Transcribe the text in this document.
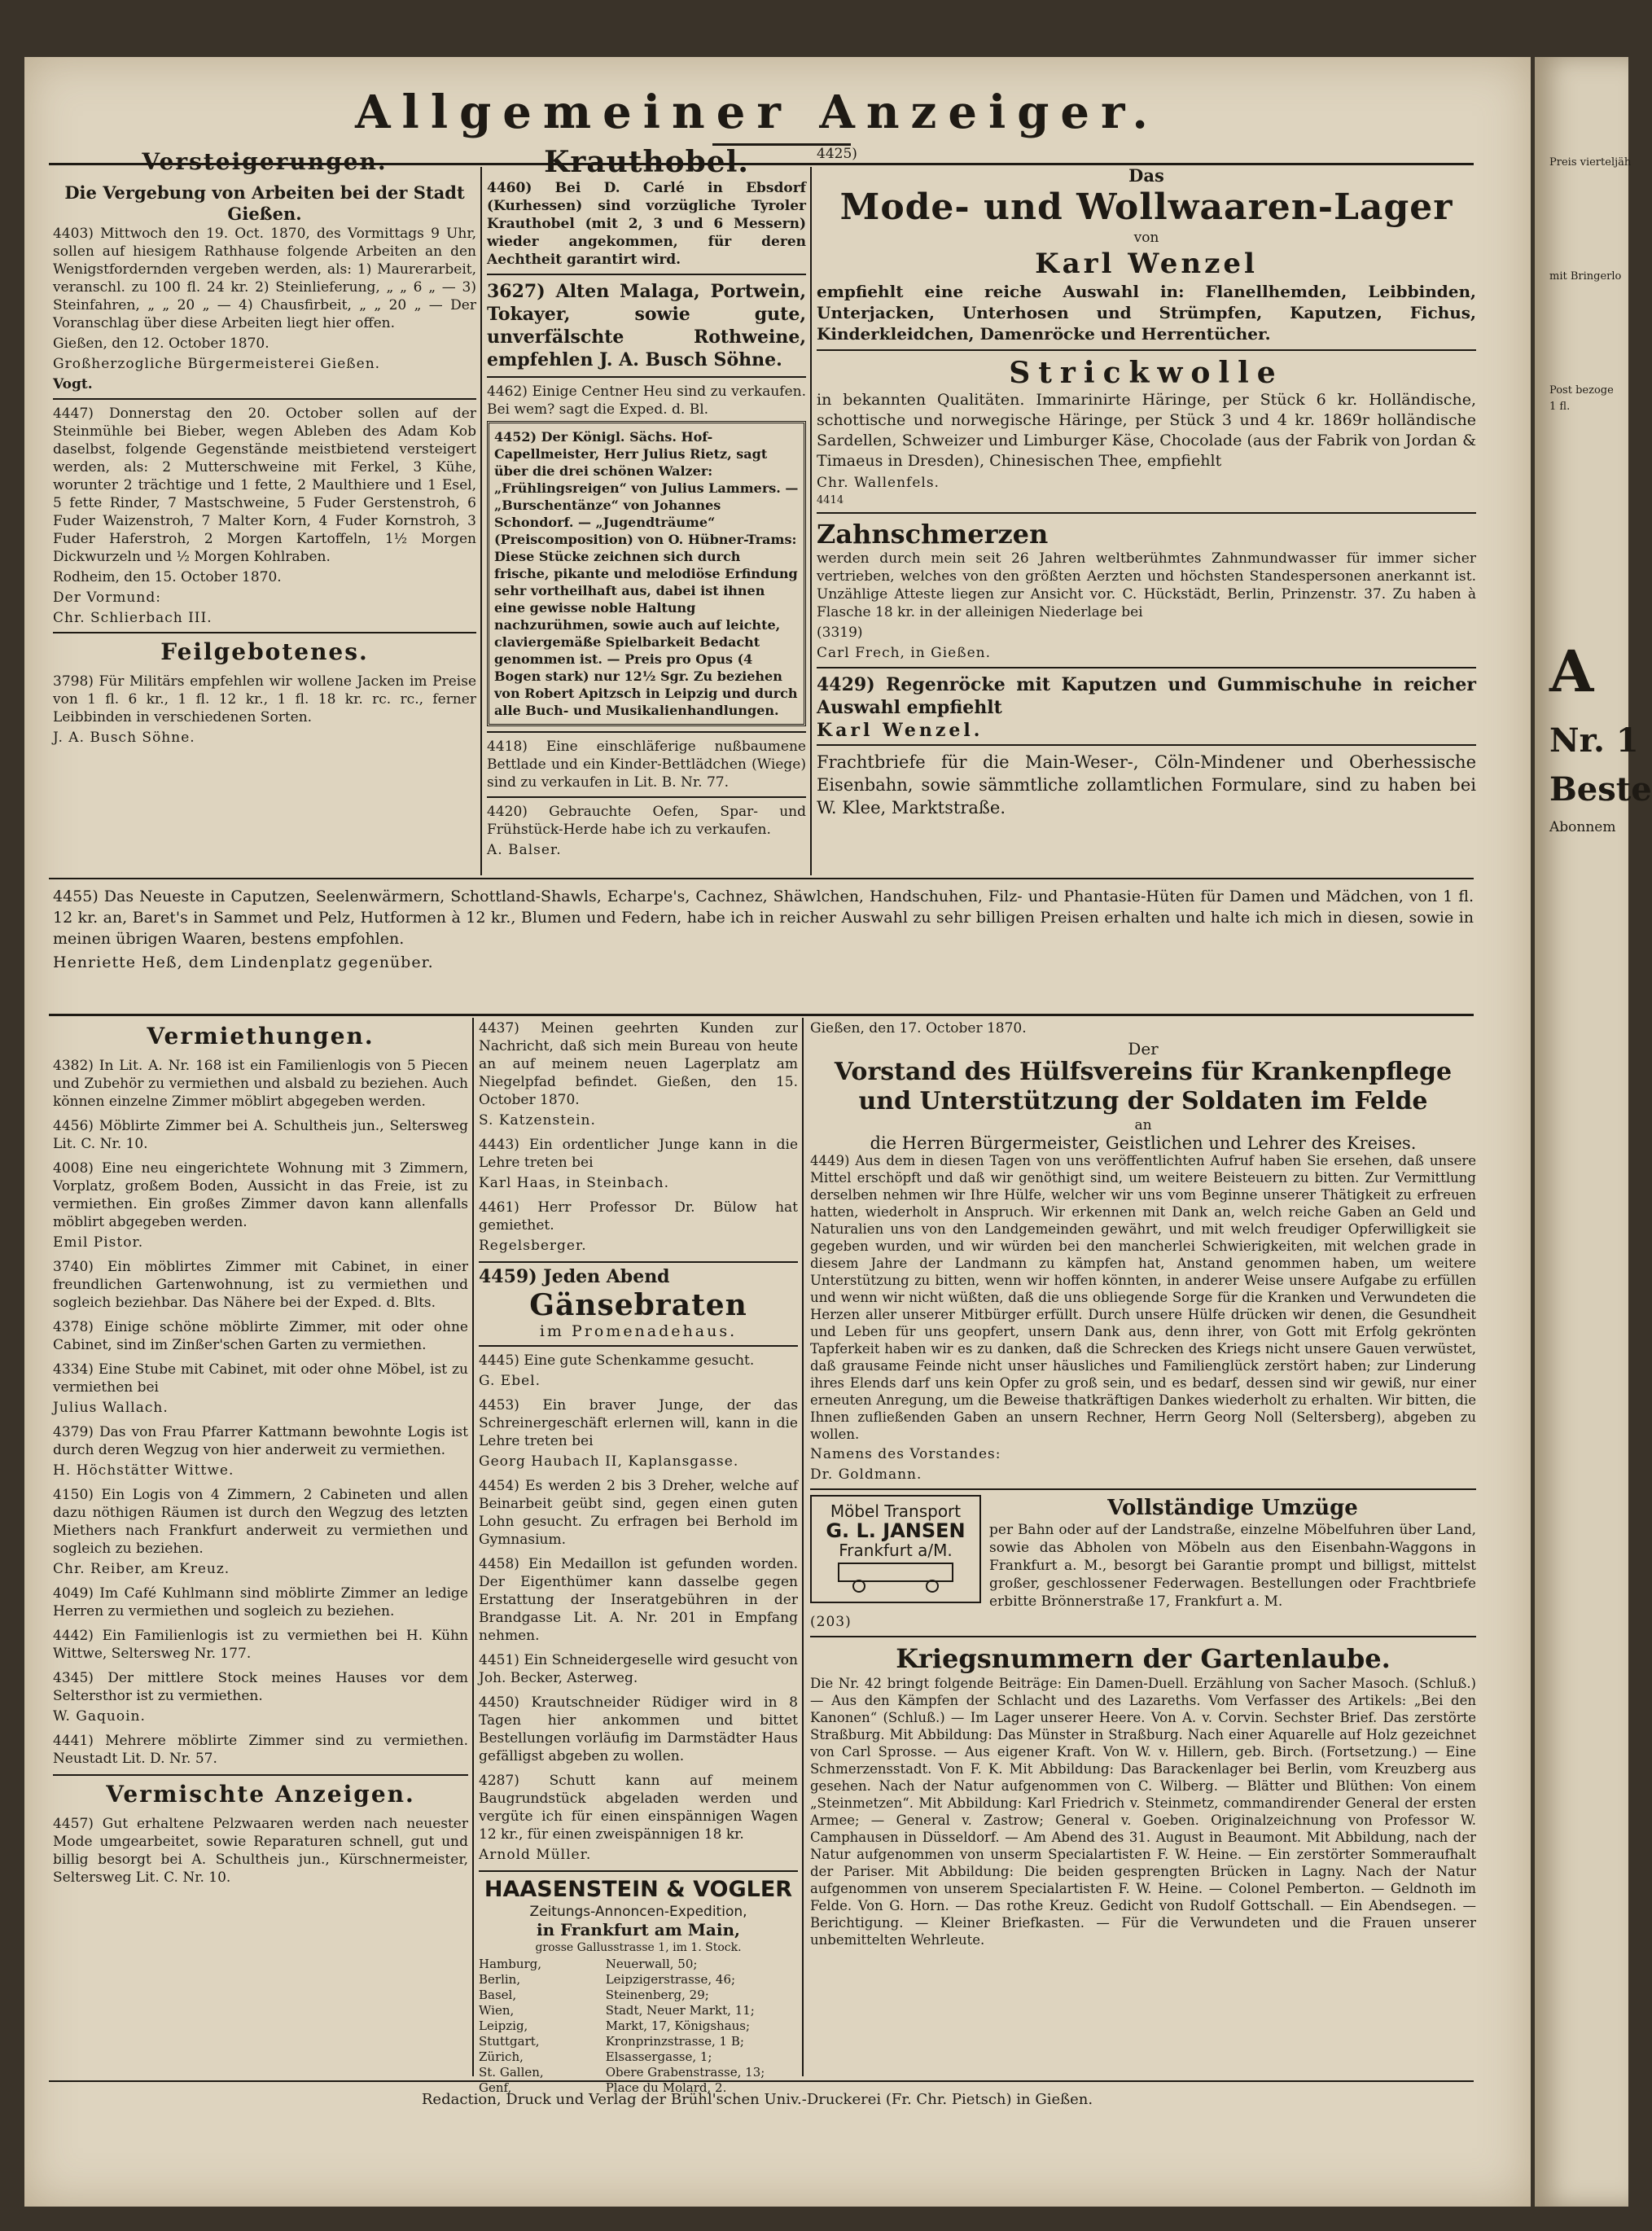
Preis vierteljäh
mit Bringerlo
Post bezoge
1 fl.
A
Nr. 1
Beste
Abonnem
Allgemeiner Anzeiger.
Versteigerungen.
Die Vergebung von Arbeiten bei der Stadt Gießen.

4403) Mittwoch den 19. Oct. 1870, des Vormittags 9 Uhr, sollen auf hiesigem Rathhause folgende Arbeiten an den Wenigstfordernden vergeben werden, als: 1) Maurerarbeit, veranschl. zu 100 fl. 24 kr. 2) Steinlieferung, „ „ 6 „ — 3) Steinfahren, „ „ 20 „ — 4) Chausfirbeit, „ „ 20 „ — Der Voranschlag über diese Arbeiten liegt hier offen.

Gießen, den 12. October 1870.

Großherzogliche Bürgermeisterei Gießen.

Vogt.

4447) Donnerstag den 20. October sollen auf der Steinmühle bei Bieber, wegen Ableben des Adam Kob daselbst, folgende Gegenstände meistbietend versteigert werden, als: 2 Mutterschweine mit Ferkel, 3 Kühe, worunter 2 trächtige und 1 fette, 2 Maulthiere und 1 Esel, 5 fette Rinder, 7 Mastschweine, 5 Fuder Gerstenstroh, 6 Fuder Waizenstroh, 7 Malter Korn, 4 Fuder Kornstroh, 3 Fuder Haferstroh, 2 Morgen Kartoffeln, 1½ Morgen Dickwurzeln und ½ Morgen Kohlraben.

Rodheim, den 15. October 1870.

Der Vormund:

Chr. Schlierbach III.

Feilgebotenes.

3798) Für Militärs empfehlen wir wollene Jacken im Preise von 1 fl. 6 kr., 1 fl. 12 kr., 1 fl. 18 kr. rc. rc., ferner Leibbinden in verschiedenen Sorten.

J. A. Busch Söhne.

Krauthobel.

4460) Bei D. Carlé in Ebsdorf (Kurhessen) sind vorzügliche Tyroler Krauthobel (mit 2, 3 und 6 Messern) wieder angekommen, für deren Aechtheit garantirt wird.

3627) Alten Malaga, Portwein, Tokayer, sowie gute, unverfälschte Rothweine, empfehlen J. A. Busch Söhne.

4462) Einige Centner Heu sind zu verkaufen. Bei wem? sagt die Exped. d. Bl.

4452) Der Königl. Sächs. Hof-Capellmeister, Herr Julius Rietz, sagt über die drei schönen Walzer: „Frühlingsreigen“ von Julius Lammers. — „Burschentänze“ von Johannes Schondorf. — „Jugendträume“ (Preiscomposition) von O. Hübner-Trams: Diese Stücke zeichnen sich durch frische, pikante und melodiöse Erfindung sehr vortheilhaft aus, dabei ist ihnen eine gewisse noble Haltung nachzurühmen, sowie auch auf leichte, claviergemäße Spielbarkeit Bedacht genommen ist. — Preis pro Opus (4 Bogen stark) nur 12½ Sgr. Zu beziehen von Robert Apitzsch in Leipzig und durch alle Buch- und Musikalienhandlungen.

4418) Eine einschläferige nußbaumene Bettlade und ein Kinder-Bettlädchen (Wiege) sind zu verkaufen in Lit. B. Nr. 77.

4420) Gebrauchte Oefen, Spar- und Frühstück-Herde habe ich zu verkaufen.

A. Balser.

4425)

Das
Mode- und Wollwaaren-Lager
von
Karl Wenzel

empfiehlt eine reiche Auswahl in: Flanellhemden, Leibbinden, Unterjacken, Unterhosen und Strümpfen, Kaputzen, Fichus, Kinderkleidchen, Damenröcke und Herrentücher.

Strickwolle

in bekannten Qualitäten. Immarinirte Häringe, per Stück 6 kr. Holländische, schottische und norwegische Häringe, per Stück 3 und 4 kr. 1869r holländische Sardellen, Schweizer und Limburger Käse, Chocolade (aus der Fabrik von Jordan & Timaeus in Dresden), Chinesischen Thee, empfiehlt

Chr. Wallenfels.

4414

Zahnschmerzen

werden durch mein seit 26 Jahren weltberühmtes Zahnmundwasser für immer sicher vertrieben, welches von den größten Aerzten und höchsten Standespersonen anerkannt ist. Unzählige Atteste liegen zur Ansicht vor. C. Hückstädt, Berlin, Prinzenstr. 37. Zu haben à Flasche 18 kr. in der alleinigen Niederlage bei

(3319)

Carl Frech, in Gießen.

4429) Regenröcke mit Kaputzen und Gummischuhe in reicher Auswahl empfiehlt

Karl Wenzel.

Frachtbriefe für die Main-Weser-, Cöln-Mindener und Oberhessische Eisenbahn, sowie sämmtliche zollamtlichen Formulare, sind zu haben bei W. Klee, Marktstraße.

4455) Das Neueste in Caputzen, Seelenwärmern, Schottland-Shawls, Echarpe's, Cachnez, Shäwlchen, Handschuhen, Filz- und Phantasie-Hüten für Damen und Mädchen, von 1 fl. 12 kr. an, Baret's in Sammet und Pelz, Hutformen à 12 kr., Blumen und Federn, habe ich in reicher Auswahl zu sehr billigen Preisen erhalten und halte ich mich in diesen, sowie in meinen übrigen Waaren, bestens empfohlen.

Henriette Heß, dem Lindenplatz gegenüber.

Vermiethungen.

4382) In Lit. A. Nr. 168 ist ein Familienlogis von 5 Piecen und Zubehör zu vermiethen und alsbald zu beziehen. Auch können einzelne Zimmer möblirt abgegeben werden.

4456) Möblirte Zimmer bei A. Schultheis jun., Seltersweg Lit. C. Nr. 10.

4008) Eine neu eingerichtete Wohnung mit 3 Zimmern, Vorplatz, großem Boden, Aussicht in das Freie, ist zu vermiethen. Ein großes Zimmer davon kann allenfalls möblirt abgegeben werden.

Emil Pistor.

3740) Ein möblirtes Zimmer mit Cabinet, in einer freundlichen Gartenwohnung, ist zu vermiethen und sogleich beziehbar. Das Nähere bei der Exped. d. Blts.

4378) Einige schöne möblirte Zimmer, mit oder ohne Cabinet, sind im Zinßer'schen Garten zu vermiethen.

4334) Eine Stube mit Cabinet, mit oder ohne Möbel, ist zu vermiethen bei

Julius Wallach.

4379) Das von Frau Pfarrer Kattmann bewohnte Logis ist durch deren Wegzug von hier anderweit zu vermiethen.

H. Höchstätter Wittwe.

4150) Ein Logis von 4 Zimmern, 2 Cabineten und allen dazu nöthigen Räumen ist durch den Wegzug des letzten Miethers nach Frankfurt anderweit zu vermiethen und sogleich zu beziehen.

Chr. Reiber, am Kreuz.

4049) Im Café Kuhlmann sind möblirte Zimmer an ledige Herren zu vermiethen und sogleich zu beziehen.

4442) Ein Familienlogis ist zu vermiethen bei H. Kühn Wittwe, Seltersweg Nr. 177.

4345) Der mittlere Stock meines Hauses vor dem Seltersthor ist zu vermiethen.

W. Gaquoin.

4441) Mehrere möblirte Zimmer sind zu vermiethen. Neustadt Lit. D. Nr. 57.

Vermischte Anzeigen.

4457) Gut erhaltene Pelzwaaren werden nach neuester Mode umgearbeitet, sowie Reparaturen schnell, gut und billig besorgt bei A. Schultheis jun., Kürschnermeister, Seltersweg Lit. C. Nr. 10.

4437) Meinen geehrten Kunden zur Nachricht, daß sich mein Bureau von heute an auf meinem neuen Lagerplatz am Niegelpfad befindet. Gießen, den 15. October 1870.

S. Katzenstein.

4443) Ein ordentlicher Junge kann in die Lehre treten bei

Karl Haas, in Steinbach.

4461) Herr Professor Dr. Bülow hat gemiethet.

Regelsberger.

4459) Jeden Abend

Gänsebraten
im Promenadehaus.

4445) Eine gute Schenkamme gesucht.

G. Ebel.

4453) Ein braver Junge, der das Schreinergeschäft erlernen will, kann in die Lehre treten bei

Georg Haubach II, Kaplansgasse.

4454) Es werden 2 bis 3 Dreher, welche auf Beinarbeit geübt sind, gegen einen guten Lohn gesucht. Zu erfragen bei Berhold im Gymnasium.

4458) Ein Medaillon ist gefunden worden. Der Eigenthümer kann dasselbe gegen Erstattung der Inseratgebühren in der Brandgasse Lit. A. Nr. 201 in Empfang nehmen.

4451) Ein Schneidergeselle wird gesucht von Joh. Becker, Asterweg.

4450) Krautschneider Rüdiger wird in 8 Tagen hier ankommen und bittet Bestellungen vorläufig im Darmstädter Haus gefälligst abgeben zu wollen.

4287) Schutt kann auf meinem Baugrundstück abgeladen werden und vergüte ich für einen einspännigen Wagen 12 kr., für einen zweispännigen 18 kr.

Arnold Müller.

HAASENSTEIN & VOGLER
Zeitungs-Annoncen-Expedition,
in Frankfurt am Main,
grosse Gallusstrasse 1, im 1. Stock.
Hamburg,	Neuerwall, 50;
Berlin,	Leipzigerstrasse, 46;
Basel,	Steinenberg, 29;
Wien,	Stadt, Neuer Markt, 11;
Leipzig,	Markt, 17, Königshaus;
Stuttgart,	Kronprinzstrasse, 1 B;
Zürich,	Elsassergasse, 1;
St. Gallen,	Obere Grabenstrasse, 13;
Genf,	Place du Molard, 2.

Gießen, den 17. October 1870.

Der
Vorstand des Hülfsvereins für Krankenpflege und Unterstützung der Soldaten im Felde
an
die Herren Bürgermeister, Geistlichen und Lehrer des Kreises.

4449) Aus dem in diesen Tagen von uns veröffentlichten Aufruf haben Sie ersehen, daß unsere Mittel erschöpft und daß wir genöthigt sind, um weitere Beisteuern zu bitten. Zur Vermittlung derselben nehmen wir Ihre Hülfe, welcher wir uns vom Beginne unserer Thätigkeit zu erfreuen hatten, wiederholt in Anspruch. Wir erkennen mit Dank an, welch reiche Gaben an Geld und Naturalien uns von den Landgemeinden gewährt, und mit welch freudiger Opferwilligkeit sie gegeben wurden, und wir würden bei den mancherlei Schwierigkeiten, mit welchen grade in diesem Jahre der Landmann zu kämpfen hat, Anstand genommen haben, um weitere Unterstützung zu bitten, wenn wir hoffen könnten, in anderer Weise unsere Aufgabe zu erfüllen und wenn wir nicht wüßten, daß die uns obliegende Sorge für die Kranken und Verwundeten die Herzen aller unserer Mitbürger erfüllt. Durch unsere Hülfe drücken wir denen, die Gesundheit und Leben für uns geopfert, unsern Dank aus, denn ihrer, von Gott mit Erfolg gekrönten Tapferkeit haben wir es zu danken, daß die Schrecken des Kriegs nicht unsere Gauen verwüstet, daß grausame Feinde nicht unser häusliches und Familienglück zerstört haben; zur Linderung ihres Elends darf uns kein Opfer zu groß sein, und es bedarf, dessen sind wir gewiß, nur einer erneuten Anregung, um die Beweise thatkräftigen Dankes wiederholt zu erhalten. Wir bitten, die Ihnen zufließenden Gaben an unsern Rechner, Herrn Georg Noll (Seltersberg), abgeben zu wollen.

Namens des Vorstandes:

Dr. Goldmann.

Möbel Transport
G. L. JANSEN
Frankfurt a/M.
Vollständige Umzüge

per Bahn oder auf der Landstraße, einzelne Möbelfuhren über Land, sowie das Abholen von Möbeln aus den Eisenbahn-Waggons in Frankfurt a. M., besorgt bei Garantie prompt und billigst, mittelst großer, geschlossener Federwagen. Bestellungen oder Frachtbriefe erbitte Brönnerstraße 17, Frankfurt a. M.

(203)

Kriegsnummern der Gartenlaube.

Die Nr. 42 bringt folgende Beiträge: Ein Damen-Duell. Erzählung von Sacher Masoch. (Schluß.) — Aus den Kämpfen der Schlacht und des Lazareths. Vom Verfasser des Artikels: „Bei den Kanonen“ (Schluß.) — Im Lager unserer Heere. Von A. v. Corvin. Sechster Brief. Das zerstörte Straßburg. Mit Abbildung: Das Münster in Straßburg. Nach einer Aquarelle auf Holz gezeichnet von Carl Sprosse. — Aus eigener Kraft. Von W. v. Hillern, geb. Birch. (Fortsetzung.) — Eine Schmerzensstadt. Von F. K. Mit Abbildung: Das Barackenlager bei Berlin, vom Kreuzberg aus gesehen. Nach der Natur aufgenommen von C. Wilberg. — Blätter und Blüthen: Von einem „Steinmetzen“. Mit Abbildung: Karl Friedrich v. Steinmetz, commandirender General der ersten Armee; — General v. Zastrow; General v. Goeben. Originalzeichnung von Professor W. Camphausen in Düsseldorf. — Am Abend des 31. August in Beaumont. Mit Abbildung, nach der Natur aufgenommen von unserm Specialartisten F. W. Heine. — Ein zerstörter Sommeraufhalt der Pariser. Mit Abbildung: Die beiden gesprengten Brücken in Lagny. Nach der Natur aufgenommen von unserem Specialartisten F. W. Heine. — Colonel Pemberton. — Geldnoth im Felde. Von G. Horn. — Das rothe Kreuz. Gedicht von Rudolf Gottschall. — Ein Abendsegen. — Berichtigung. — Kleiner Briefkasten. — Für die Verwundeten und die Frauen unserer unbemittelten Wehrleute.

Redaction, Druck und Verlag der Brühl'schen Univ.-Druckerei (Fr. Chr. Pietsch) in Gießen.
